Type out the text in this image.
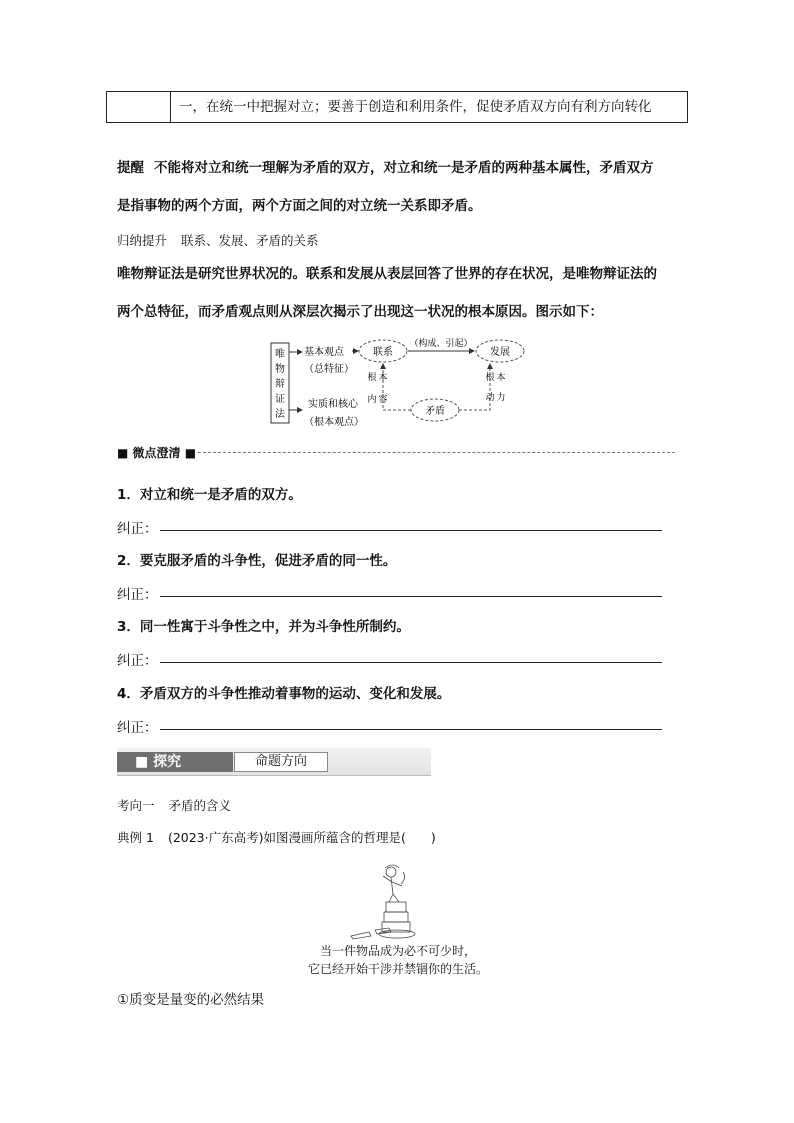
一，在统一中把握对立；要善于创造和利用条件，促使矛盾双方向有利方向转化
提醒 不能将对立和统一理解为矛盾的双方，对立和统一是矛盾的两种基本属性，矛盾双方
是指事物的两个方面，两个方面之间的对立统一关系即矛盾。
归纳提升 联系、发展、矛盾的关系
唯物辩证法是研究世界状况的。联系和发展从表层回答了世界的存在状况，是唯物辩证法的
两个总特征，而矛盾观点则从深层次揭示了出现这一状况的根本原因。图示如下：
唯
物
辩
证
法
基本观点
（总特征）
实质和核心
（根本观点）
联系	发展
（构成、引起）
矛盾
根 本
内 容
根 本
动 力
■ 微点澄清 ■
1．对立和统一是矛盾的双方。
纠正：
2．要克服矛盾的斗争性，促进矛盾的同一性。
纠正：
3．同一性寓于斗争性之中，并为斗争性所制约。
纠正：
4．矛盾双方的斗争性推动着事物的运动、变化和发展。
纠正：
■ 探究	命题方向
考向一 矛盾的含义
典例 1 (2023·广东高考)如图漫画所蕴含的哲理是(　　)
当一件物品成为必不可少时，
它已经开始干涉并禁锢你的生活。
①质变是量变的必然结果
